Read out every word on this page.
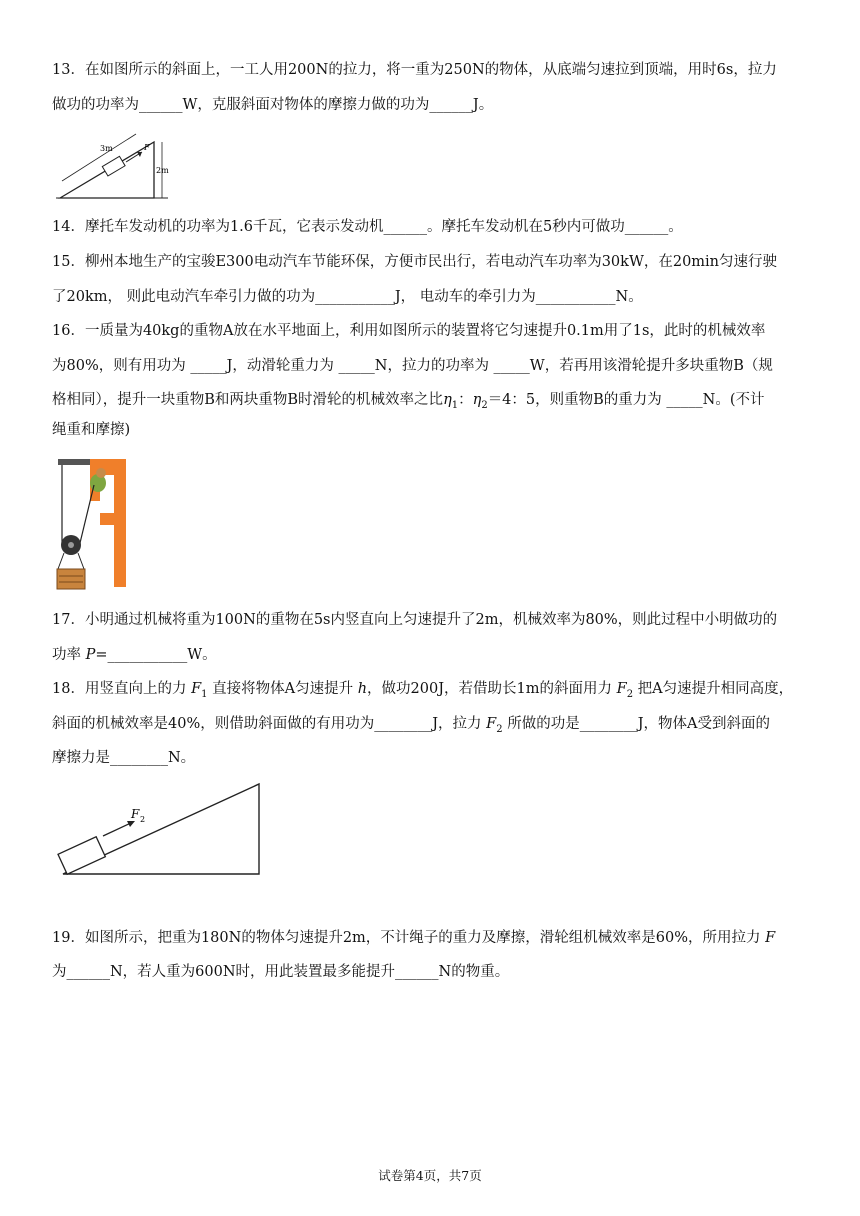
13．在如图所示的斜面上，一工人用200N的拉力，将一重为250N的物体，从底端匀速拉到顶端，用时6s，拉力
做功的功率为______W，克服斜面对物体的摩擦力做的功为______J。
3m	F
2m
14．摩托车发动机的功率为1.6千瓦，它表示发动机______。摩托车发动机在5秒内可做功______。
15．柳州本地生产的宝骏E300电动汽车节能环保，方便市民出行，若电动汽车功率为30kW，在20min匀速行驶
了20km， 则此电动汽车牵引力做的功为___________J， 电动车的牵引力为___________N。
16．一质量为40kg的重物A放在水平地面上，利用如图所示的装置将它匀速提升0.1m用了1s，此时的机械效率
为80%，则有用功为 _____J，动滑轮重力为 _____N，拉力的功率为 _____W，若再用该滑轮提升多块重物B（规
格相同），提升一块重物B和两块重物B时滑轮的机械效率之比$\eta_1$：$\eta_2=4$：5，则重物B的重力为 _____N。(不计
绳重和摩擦)
17．小明通过机械将重为100N的重物在5s内竖直向上匀速提升了2m，机械效率为80%，则此过程中小明做功的
功率 P=___________W。
18．用竖直向上的力 $F_1$ 直接将物体A匀速提升 h，做功200J，若借助长1m的斜面用力 $F_2$ 把A匀速提升相同高度，
斜面的机械效率是40%，则借助斜面做的有用功为________J，拉力 $F_2$ 所做的功是________J，物体A受到斜面的
摩擦力是________N。
F 2
19．如图所示，把重为180N的物体匀速提升2m，不计绳子的重力及摩擦，滑轮组机械效率是60%，所用拉力 F
为______N，若人重为600N时，用此装置最多能提升______N的物重。
试卷第4页，共7页
